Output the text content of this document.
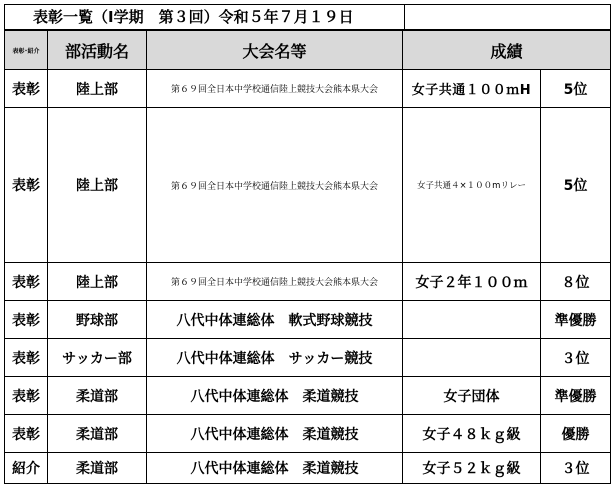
表彰一覧（I学期　第３回）令和５年７月１９日
表彰･紹介	部活動名	大会名等	成績	
表彰	陸上部	第６９回全日本中学校通信陸上競技大会熊本県大会	女子共通１００ｍH	5位
表彰	陸上部	第６９回全日本中学校通信陸上競技大会熊本県大会	女子共通４×１００mリレー	5位
表彰	陸上部	第６９回全日本中学校通信陸上競技大会熊本県大会	女子２年１００ｍ	８位
表彰	野球部	八代中体連総体　軟式野球競技		準優勝
表彰	サッカー部	八代中体連総体　サッカー競技		３位
表彰	柔道部	八代中体連総体　柔道競技	女子団体	準優勝
表彰	柔道部	八代中体連総体　柔道競技	女子４８ｋｇ級	優勝
紹介	柔道部	八代中体連総体　柔道競技	女子５２ｋｇ級	３位
